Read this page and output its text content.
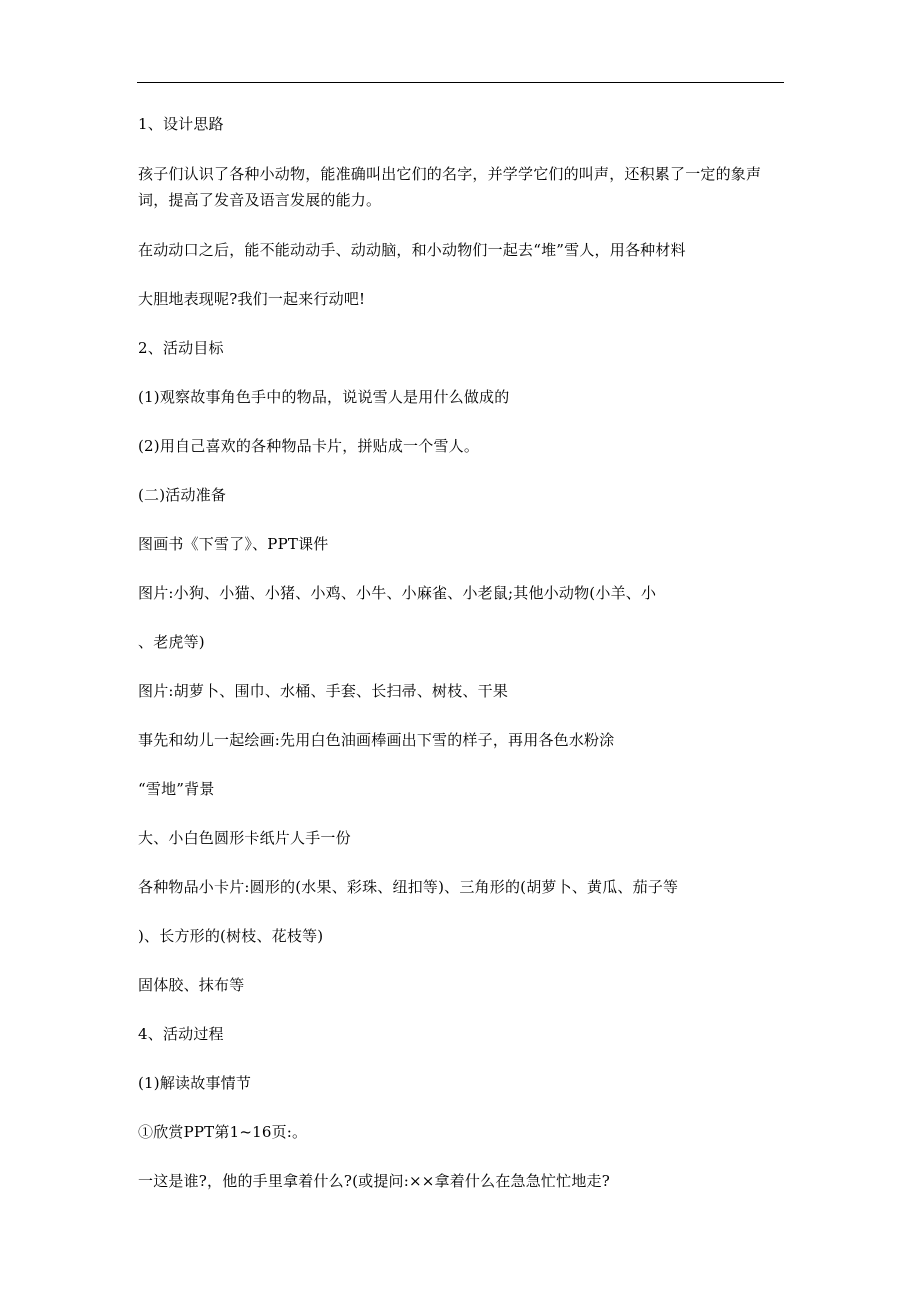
1、设计思路

孩子们认识了各种小动物，能准确叫出它们的名字，并学学它们的叫声，还积累了一定的象声词，提高了发音及语言发展的能力。

在动动口之后，能不能动动手、动动脑，和小动物们一起去“堆”雪人，用各种材料

大胆地表现呢?我们一起来行动吧!

2、活动目标

(1)观察故事角色手中的物品，说说雪人是用什么做成的

(2)用自己喜欢的各种物品卡片，拼贴成一个雪人。

(二)活动准备

图画书《下雪了》、PPT课件

图片:小狗、小猫、小猪、小鸡、小牛、小麻雀、小老鼠;其他小动物(小羊、小

、老虎等)

图片:胡萝卜、围巾、水桶、手套、长扫帚、树枝、干果

事先和幼儿一起绘画:先用白色油画棒画出下雪的样子，再用各色水粉涂

“雪地”背景

大、小白色圆形卡纸片人手一份

各种物品小卡片:圆形的(水果、彩珠、纽扣等)、三角形的(胡萝卜、黄瓜、茄子等

)、长方形的(树枝、花枝等)

固体胶、抹布等

4、活动过程

(1)解读故事情节

①欣赏PPT第1~16页:。

一这是谁?，他的手里拿着什么?(或提问:××拿着什么在急急忙忙地走?
